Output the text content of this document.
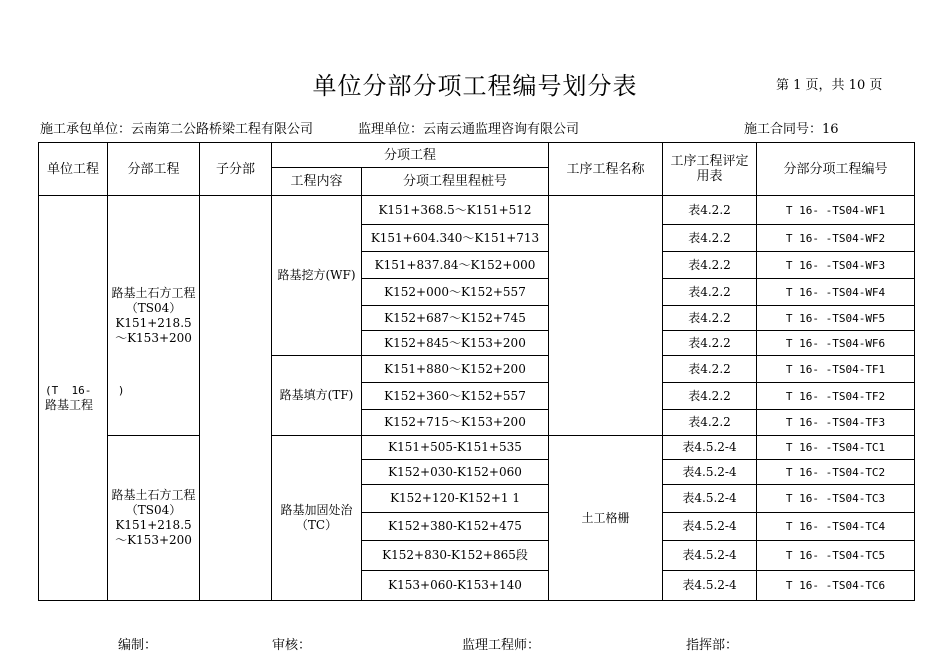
单位分部分项工程编号划分表	第 1 页，共 10 页
施工承包单位：云南第二公路桥梁工程有限公司	监理单位：云南云通监理咨询有限公司	施工合同号：16
单位工程	分部工程	子分部	分项工程		工序工程名称	工序工程评定用表	分部分项工程编号
			工程内容	分项工程里程桩号			
(T  16-    )
路基工程	路基土石方工程（TS04）K151+218.5～K153+200		路基挖方(WF)	K151+368.5～K151+512		表4.2.2	T 16- -TS04-WF1
				K151+604.340～K151+713		表4.2.2	T 16- -TS04-WF2
				K151+837.84～K152+000		表4.2.2	T 16- -TS04-WF3
				K152+000～K152+557		表4.2.2	T 16- -TS04-WF4
				K152+687～K152+745		表4.2.2	T 16- -TS04-WF5
				K152+845～K153+200		表4.2.2	T 16- -TS04-WF6
			路基填方(TF)	K151+880～K152+200		表4.2.2	T 16- -TS04-TF1
				K152+360～K152+557		表4.2.2	T 16- -TS04-TF2
				K152+715～K153+200		表4.2.2	T 16- -TS04-TF3
	路基土石方工程（TS04）K151+218.5～K153+200		路基加固处治（TC）	K151+505-K151+535	土工格栅	表4.5.2-4	T 16- -TS04-TC1
				K152+030-K152+060		表4.5.2-4	T 16- -TS04-TC2
				K152+120-K152+1 1		表4.5.2-4	T 16- -TS04-TC3
				K152+380-K152+475		表4.5.2-4	T 16- -TS04-TC4
				K152+830-K152+865段		表4.5.2-4	T 16- -TS04-TC5
				K153+060-K153+140		表4.5.2-4	T 16- -TS04-TC6
编制：	审核：	监理工程师：	指挥部：
